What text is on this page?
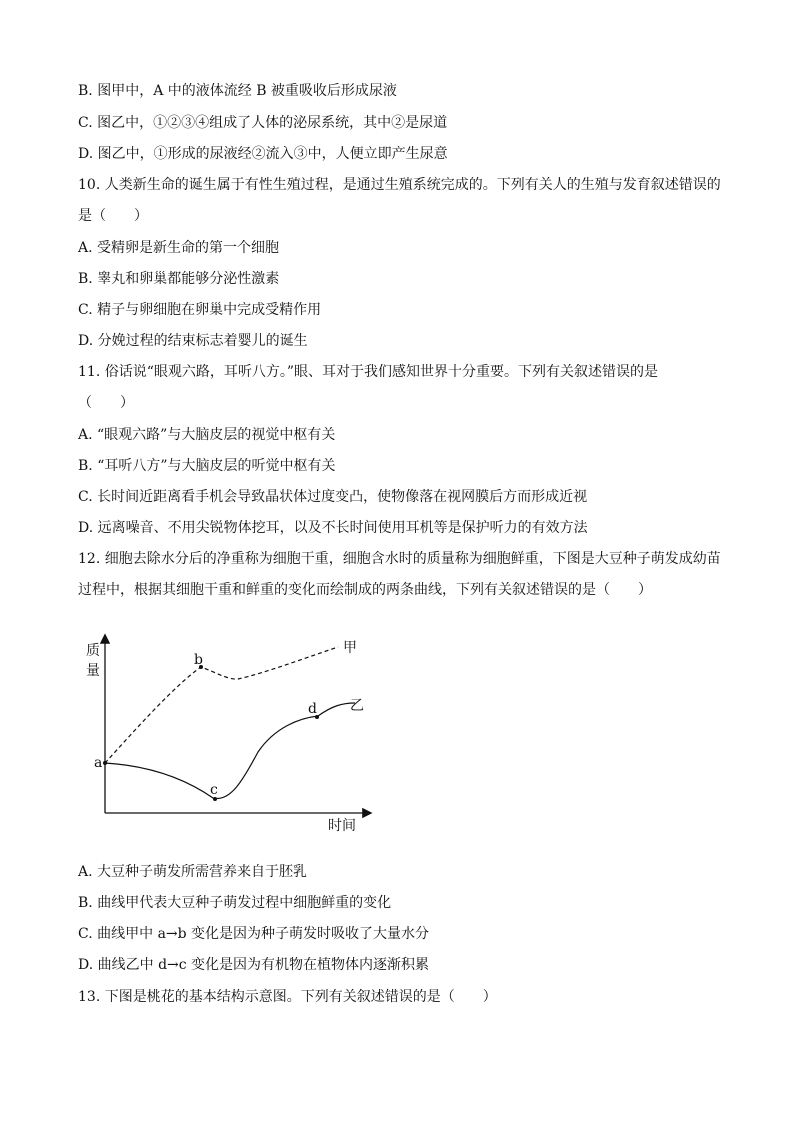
B. 图甲中，A 中的液体流经 B 被重吸收后形成尿液
C. 图乙中，①②③④组成了人体的泌尿系统，其中②是尿道
D. 图乙中，①形成的尿液经②流入③中，人便立即产生尿意
10. 人类新生命的诞生属于有性生殖过程，是通过生殖系统完成的。下列有关人的生殖与发育叙述错误的
是（　　）
A. 受精卵是新生命的第一个细胞
B. 睾丸和卵巢都能够分泌性激素
C. 精子与卵细胞在卵巢中完成受精作用
D. 分娩过程的结束标志着婴儿的诞生
11. 俗话说“眼观六路，耳听八方。”眼、耳对于我们感知世界十分重要。下列有关叙述错误的是
（　　）
A. “眼观六路”与大脑皮层的视觉中枢有关
B. “耳听八方”与大脑皮层的听觉中枢有关
C. 长时间近距离看手机会导致晶状体过度变凸，使物像落在视网膜后方而形成近视
D. 远离噪音、不用尖锐物体挖耳，以及不长时间使用耳机等是保护听力的有效方法
12. 细胞去除水分后的净重称为细胞干重，细胞含水时的质量称为细胞鲜重，下图是大豆种子萌发成幼苗
过程中，根据其细胞干重和鲜重的变化而绘制成的两条曲线，下列有关叙述错误的是（　　）
质
量
时间
a
b
c
d
甲
乙
A. 大豆种子萌发所需营养来自于胚乳
B. 曲线甲代表大豆种子萌发过程中细胞鲜重的变化
C. 曲线甲中 a→b 变化是因为种子萌发时吸收了大量水分
D. 曲线乙中 d→c 变化是因为有机物在植物体内逐渐积累
13. 下图是桃花的基本结构示意图。下列有关叙述错误的是（　　）
